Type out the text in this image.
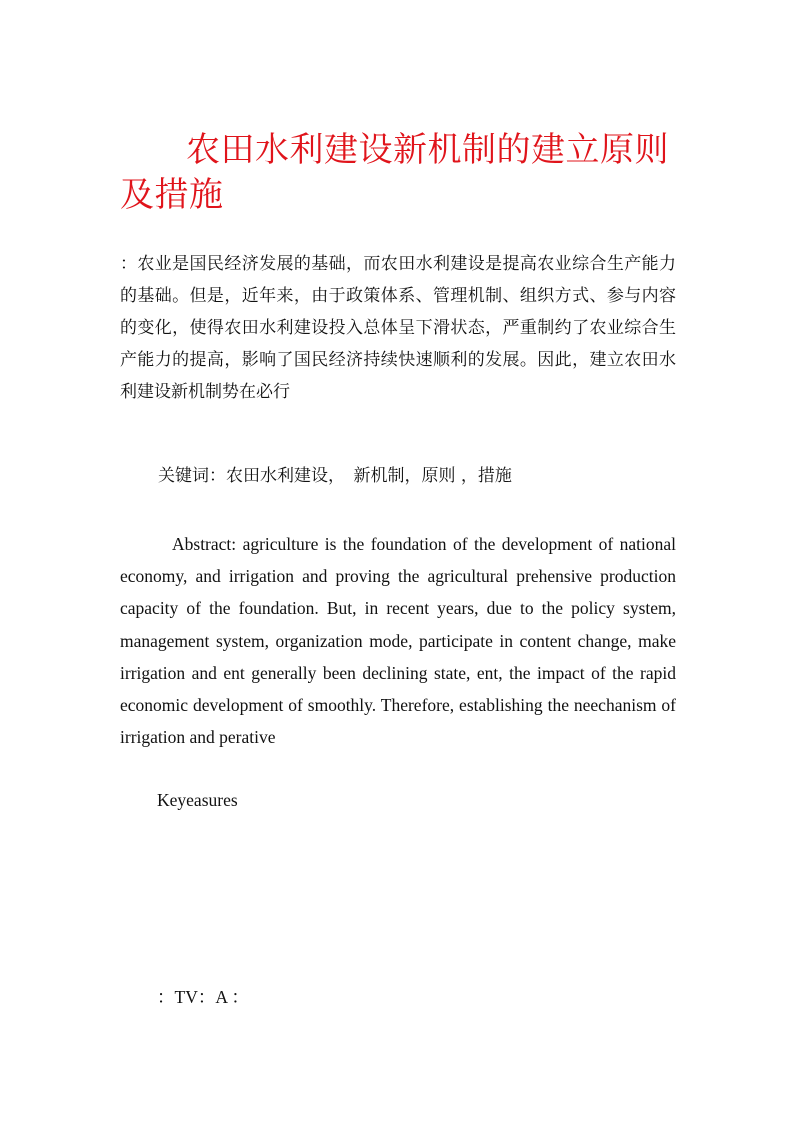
农田水利建设新机制的建立原则及措施

：农业是国民经济发展的基础，而农田水利建设是提高农业综合生产能力的基础。但是，近年来，由于政策体系、管理机制、组织方式、参与内容的变化，使得农田水利建设投入总体呈下滑状态，严重制约了农业综合生产能力的提高，影响了国民经济持续快速顺利的发展。因此，建立农田水利建设新机制势在必行

关键词：农田水利建设，　新机制，原则 ，措施

Abstract: agriculture is the foundation of the development of national economy, and irrigation and proving the agricultural prehensive production capacity of the foundation. But, in recent years, due to the policy system, management system, organization mode, participate in content change, make irrigation and ent generally been declining state, ent, the impact of the rapid economic development of smoothly. Therefore, establishing the neechanism of irrigation and perative

Keyeasures

：TV：A ：
